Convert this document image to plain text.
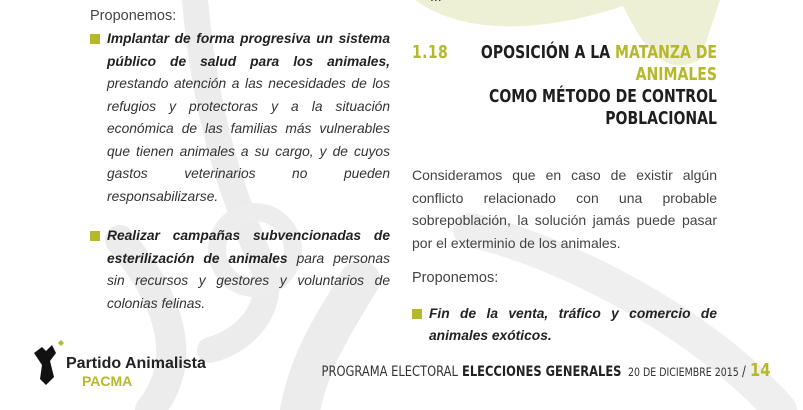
Proponemos:

Implantar de forma progresiva un sistema público de salud para los animales, prestando atención a las necesidades de los refugios y protectoras y a la situación económica de las familias más vulnerables que tienen animales a su cargo, y de cuyos gastos veterinarios no pueden responsabilizarse.
Realizar campañas subvencionadas de esterilización de animales para personas sin recursos y gestores y voluntarios de colonias felinas.
1.18	OPOSICIÓN A LA MATANZA DE ANIMALES
COMO MÉTODO DE CONTROL POBLACIONAL
Consideramos que en caso de existir algún conflicto relacionado con una probable sobrepoblación, la solución jamás puede pasar por el exterminio de los animales.

Proponemos:

Fin de la venta, tráfico y comercio de animales exóticos.
Partido Animalista
PACMA
PROGRAMA ELECTORAL ELECCIONES GENERALES 20 DE DICIEMBRE 2015 / 14
